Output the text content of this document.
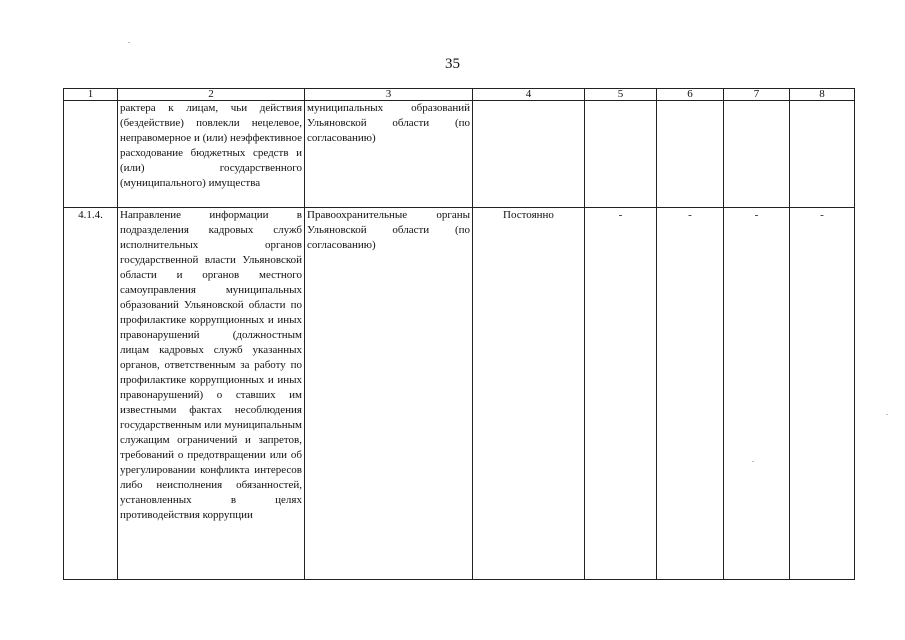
35
1	2	3	4	5	6	7	8
	рактера к лицам, чьи действия (бездействие) повлекли нецелевое, неправомерное и (или) неэффективное расходование бюджетных средств и (или) государственного (муниципального) имущества	муниципальных образований Ульяновской области (по согласованию)					
4.1.4.	Направление информации в подразделения кадровых служб исполнительных органов государственной власти Ульяновской области и органов местного самоуправления муниципальных образований Ульяновской области по профилактике коррупционных и иных правонарушений (должностным лицам кадровых служб указанных органов, ответственным за работу по профилактике коррупционных и иных правонарушений) о ставших им известными фактах несоблюдения государственным или муниципальным служащим ограничений и запретов, требований о предотвращении или об урегулировании конфликта интересов либо неисполнения обязанностей, установленных в целях противодействия коррупции	Правоохранительные органы Ульяновской области (по согласованию)	Постоянно	-	-	-	-
